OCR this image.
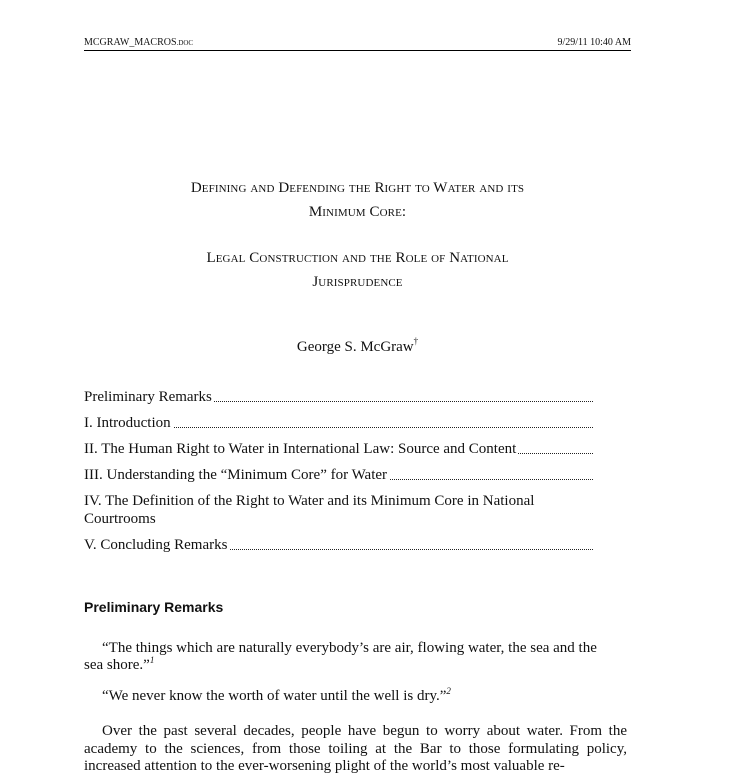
MCGRAW_MACROS.DOC	9/29/11 10:40 AM

Defining and Defending the Right to Water and its
Minimum Core:
Legal Construction and the Role of National
Jurisprudence
George S. McGraw†
Preliminary Remarks
I. Introduction
II. The Human Right to Water in International Law: Source and Content
III. Understanding the “Minimum Core” for Water
IV. The Definition of the Right to Water and its Minimum Core in National
Courtrooms
V. Concluding Remarks
Preliminary Remarks
“The things which are naturally everybody’s are air, flowing water, the sea and the
sea shore.”$^1$
“We never know the worth of water until the well is dry.”$^2$
Over the past several decades, people have begun to worry about water. From the academy to the sciences, from those toiling at the Bar to those formulating policy, increased attention to the ever-worsening plight of the world’s most valuable re-
